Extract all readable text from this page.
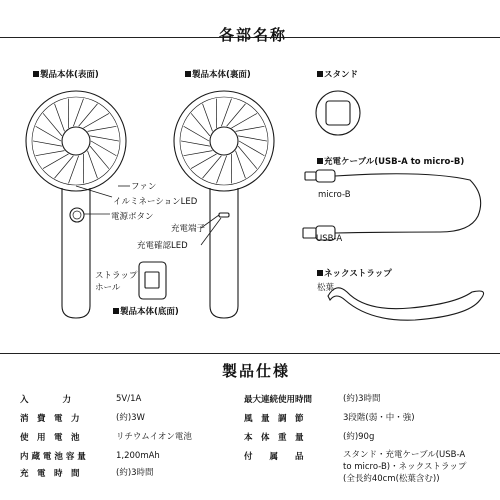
各部名称
製品本体(表面)	製品本体(裏面)
製品本体(底面)
ファン
イルミネーションLED
電源ボタン
ストラップ
ホール
充電端子
充電確認LED
スタンド
充電ケーブル(USB-A to micro-B)
micro-B
USB-A
ネックストラップ
松葉
製品仕様
入　　　　力	5V/1A
消　費　電　力	(約)3W
使　用　電　池	リチウムイオン電池
内 蔵 電 池 容 量	1,200mAh
充　電　時　間	(約)3時間
最大連続使用時間	(約)3時間
風　量　調　節	3段階(弱・中・強)
本　体　重　量	(約)90g
付　　属　　品	スタンド・充電ケーブル(USB-A
to micro-B)・ネックストラップ
(全長約40cm(松葉含む))
